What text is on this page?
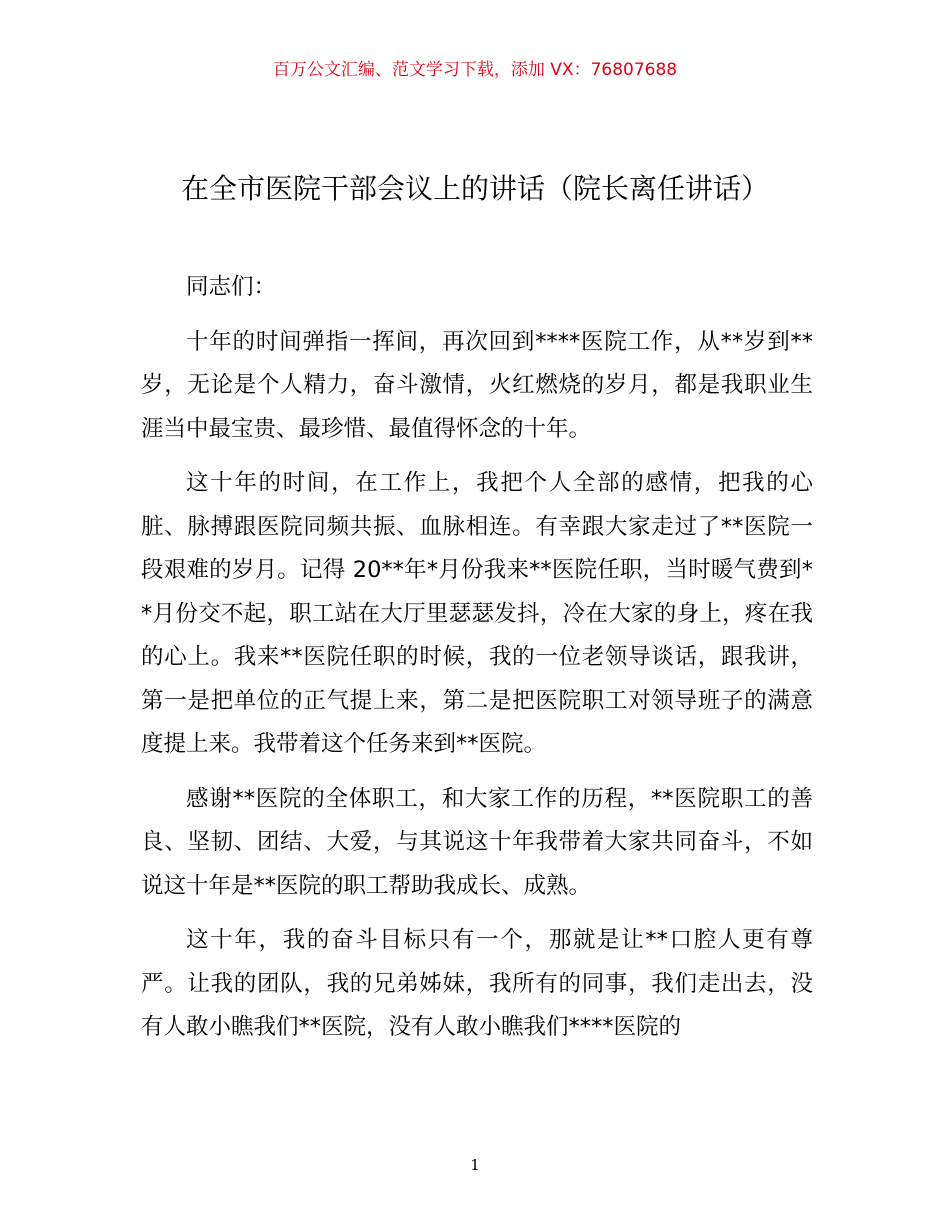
百万公文汇编、范文学习下载，添加 VX：76807688
在全市医院干部会议上的讲话（院长离任讲话）

同志们：

十年的时间弹指一挥间，再次回到****医院工作，从**岁到**岁，无论是个人精力，奋斗激情，火红燃烧的岁月，都是我职业生涯当中最宝贵、最珍惜、最值得怀念的十年。

这十年的时间，在工作上，我把个人全部的感情，把我的心脏、脉搏跟医院同频共振、血脉相连。有幸跟大家走过了**医院一段艰难的岁月。记得 20**年*月份我来**医院任职，当时暖气费到**月份交不起，职工站在大厅里瑟瑟发抖，冷在大家的身上，疼在我的心上。我来**医院任职的时候，我的一位老领导谈话，跟我讲，第一是把单位的正气提上来，第二是把医院职工对领导班子的满意度提上来。我带着这个任务来到**医院。

感谢**医院的全体职工，和大家工作的历程，**医院职工的善良、坚韧、团结、大爱，与其说这十年我带着大家共同奋斗，不如说这十年是**医院的职工帮助我成长、成熟。

这十年，我的奋斗目标只有一个，那就是让**口腔人更有尊严。让我的团队，我的兄弟姊妹，我所有的同事，我们走出去，没有人敢小瞧我们**医院，没有人敢小瞧我们****医院的

1
